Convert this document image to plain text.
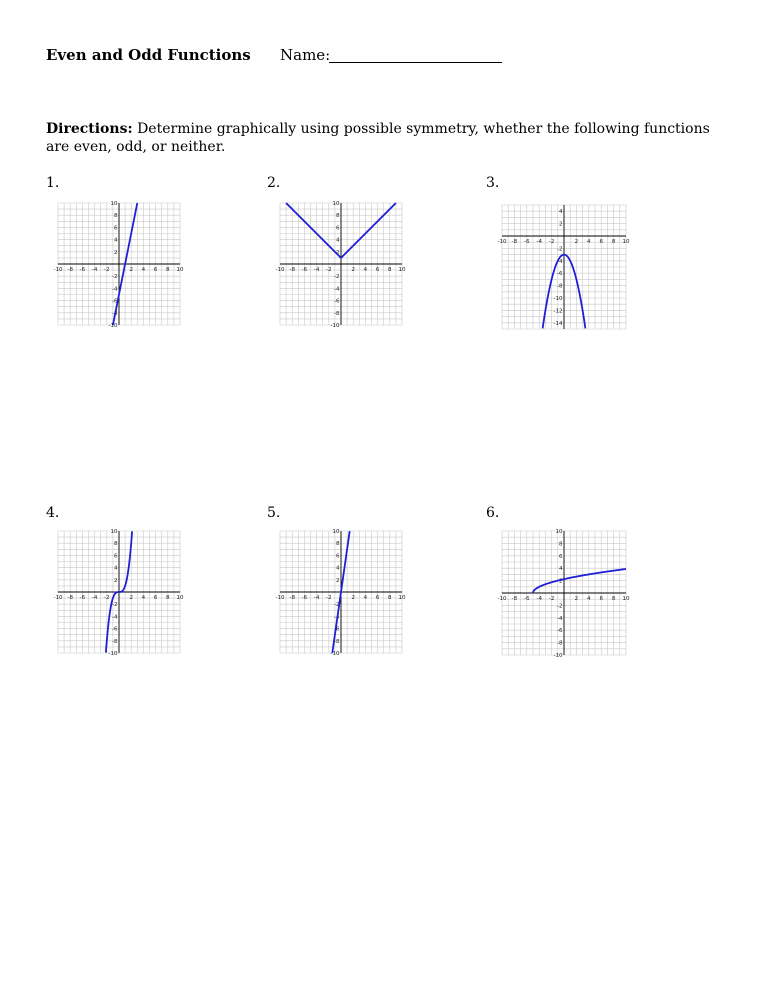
Even and Odd Functions Name:
Directions: Determine graphically using possible symmetry, whether the following functions are even, odd, or neither.
1.	2.	3.
4.	5.	6.
-10 -8 -6 -4 -2	2 4 6 8 10
10
8
6
4
2
-2
-4
-6
-8
-10
-10 -8 -6 -4 -2	2 4 6 8 10
10
8
6
4
2
-2
-4
-6
-8
-10
-10 -8 -6 -4 -2	2 4 6 8 10
4
2
-2
-4
-6
-8
-10
-12
-14
-10 -8 -6 -4 -2	2 4 6 8 10
10
8
6
4
2
-2
-4
-6
-8
-10
-10 -8 -6 -4 -2	2 4 6 8 10
10
8
6
4
2
-2
-4
-6
-8
-10
-10 -8 -6 -4 -2	2 4 6 8 10
10
8
6
4
2
-2
-4
-6
-8
-10
